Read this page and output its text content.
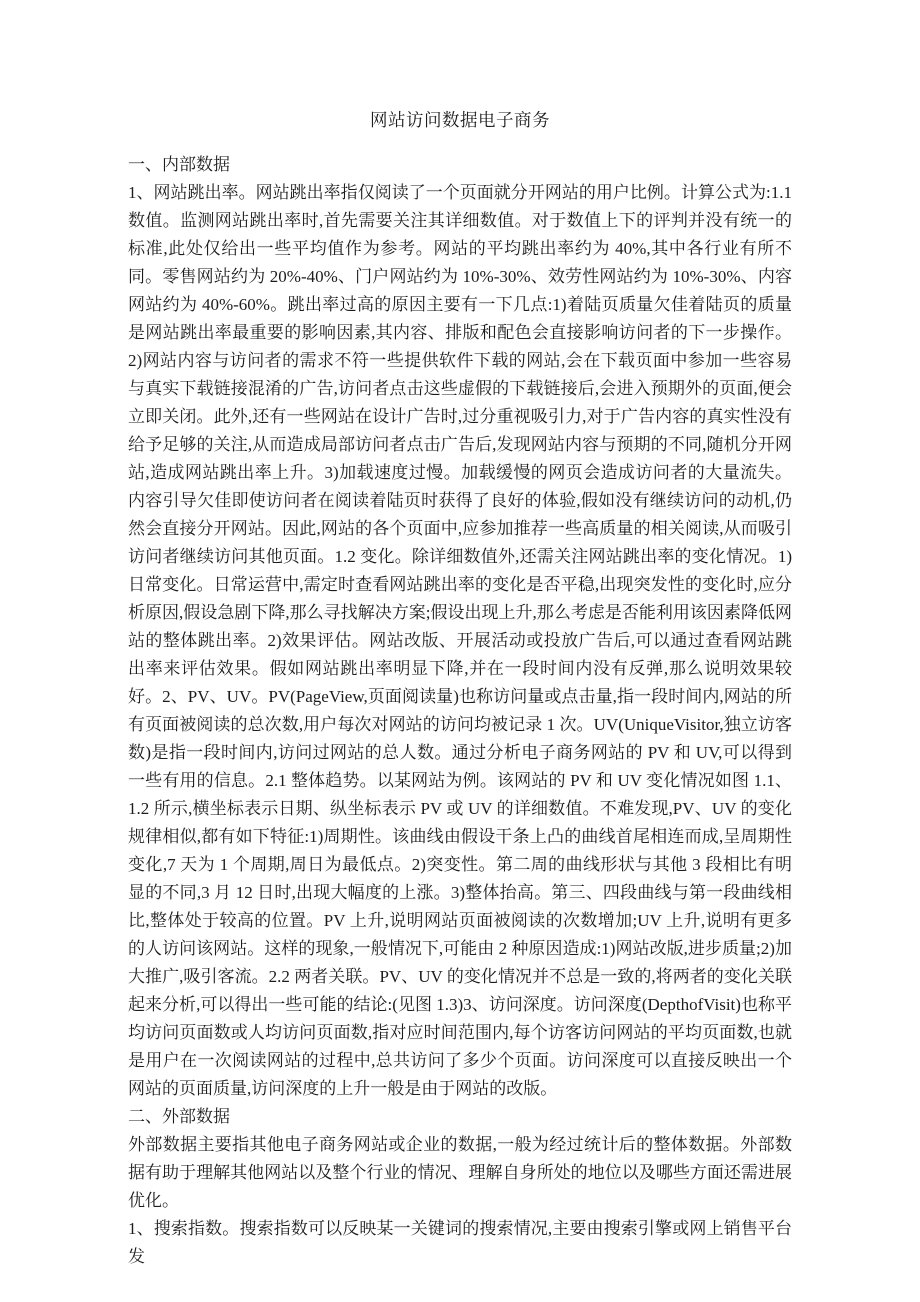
网站访问数据电子商务

一、内部数据

1、网站跳出率。网站跳出率指仅阅读了一个页面就分开网站的用户比例。计算公式为:1.1 数值。监测网站跳出率时,首先需要关注其详细数值。对于数值上下的评判并没有统一的标准,此处仅给出一些平均值作为参考。网站的平均跳出率约为 40%,其中各行业有所不同。零售网站约为 20%-40%、门户网站约为 10%-30%、效劳性网站约为 10%-30%、内容网站约为 40%-60%。跳出率过高的原因主要有一下几点:1)着陆页质量欠佳着陆页的质量是网站跳出率最重要的影响因素,其内容、排版和配色会直接影响访问者的下一步操作。2)网站内容与访问者的需求不符一些提供软件下载的网站,会在下载页面中参加一些容易与真实下载链接混淆的广告,访问者点击这些虚假的下载链接后,会进入预期外的页面,便会立即关闭。此外,还有一些网站在设计广告时,过分重视吸引力,对于广告内容的真实性没有给予足够的关注,从而造成局部访问者点击广告后,发现网站内容与预期的不同,随机分开网站,造成网站跳出率上升。3)加载速度过慢。加载缓慢的网页会造成访问者的大量流失。内容引导欠佳即使访问者在阅读着陆页时获得了良好的体验,假如没有继续访问的动机,仍然会直接分开网站。因此,网站的各个页面中,应参加推荐一些高质量的相关阅读,从而吸引访问者继续访问其他页面。1.2 变化。除详细数值外,还需关注网站跳出率的变化情况。1)日常变化。日常运营中,需定时查看网站跳出率的变化是否平稳,出现突发性的变化时,应分析原因,假设急剧下降,那么寻找解决方案;假设出现上升,那么考虑是否能利用该因素降低网站的整体跳出率。2)效果评估。网站改版、开展活动或投放广告后,可以通过查看网站跳出率来评估效果。假如网站跳出率明显下降,并在一段时间内没有反弹,那么说明效果较好。2、PV、UV。PV(PageView,页面阅读量)也称访问量或点击量,指一段时间内,网站的所有页面被阅读的总次数,用户每次对网站的访问均被记录 1 次。UV(UniqueVisitor,独立访客数)是指一段时间内,访问过网站的总人数。通过分析电子商务网站的 PV 和 UV,可以得到一些有用的信息。2.1 整体趋势。以某网站为例。该网站的 PV 和 UV 变化情况如图 1.1、1.2 所示,横坐标表示日期、纵坐标表示 PV 或 UV 的详细数值。不难发现,PV、UV 的变化规律相似,都有如下特征:1)周期性。该曲线由假设干条上凸的曲线首尾相连而成,呈周期性变化,7 天为 1 个周期,周日为最低点。2)突变性。第二周的曲线形状与其他 3 段相比有明显的不同,3 月 12 日时,出现大幅度的上涨。3)整体抬高。第三、四段曲线与第一段曲线相比,整体处于较高的位置。PV 上升,说明网站页面被阅读的次数增加;UV 上升,说明有更多的人访问该网站。这样的现象,一般情况下,可能由 2 种原因造成:1)网站改版,进步质量;2)加大推广,吸引客流。2.2 两者关联。PV、UV 的变化情况并不总是一致的,将两者的变化关联起来分析,可以得出一些可能的结论:(见图 1.3)3、访问深度。访问深度(DepthofVisit)也称平均访问页面数或人均访问页面数,指对应时间范围内,每个访客访问网站的平均页面数,也就是用户在一次阅读网站的过程中,总共访问了多少个页面。访问深度可以直接反映出一个网站的页面质量,访问深度的上升一般是由于网站的改版。

二、外部数据

外部数据主要指其他电子商务网站或企业的数据,一般为经过统计后的整体数据。外部数据有助于理解其他网站以及整个行业的情况、理解自身所处的地位以及哪些方面还需进展优化。

1、搜索指数。搜索指数可以反映某一关键词的搜索情况,主要由搜索引擎或网上销售平台发
